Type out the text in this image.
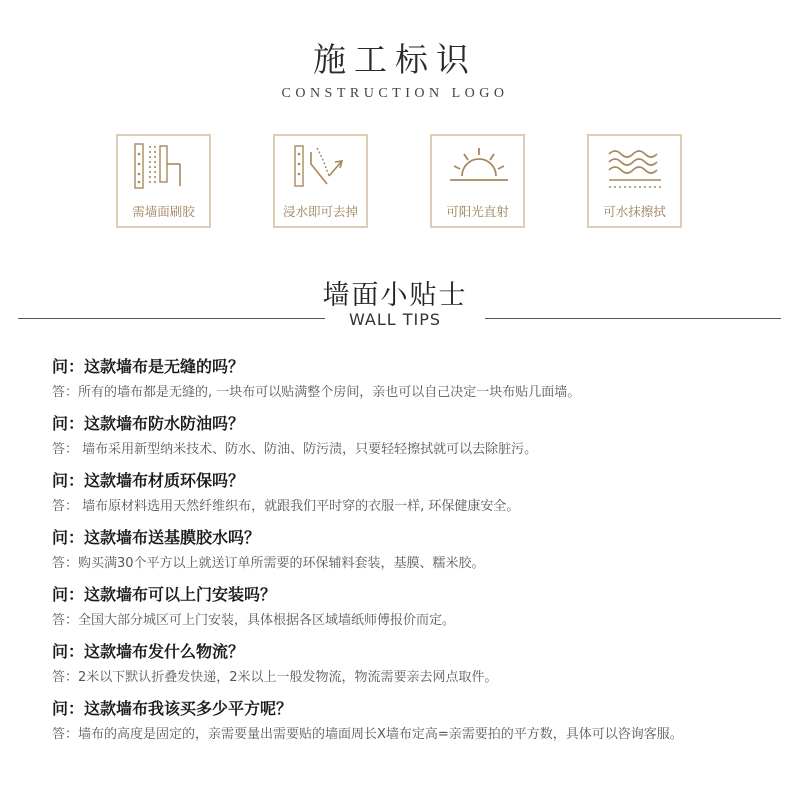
施工标识
CONSTRUCTION LOGO
需墙面刷胶	浸水即可去掉	可阳光直射	可水抹擦拭
墙面小贴士
WALL TIPS
问：这款墙布是无缝的吗？
答：所有的墙布都是无缝的, 一块布可以贴满整个房间，亲也可以自己决定一块布贴几面墙。
问：这款墙布防水防油吗？
答： 墙布采用新型纳米技术、防水、防油、防污渍，只要轻轻擦拭就可以去除脏污。
问：这款墙布材质环保吗？
答： 墙布原材料选用天然纤维织布，就跟我们平时穿的衣服一样, 环保健康安全。
问：这款墙布送基膜胶水吗？
答：购买满30个平方以上就送订单所需要的环保辅料套装，基膜、糯米胶。
问：这款墙布可以上门安装吗？
答：全国大部分城区可上门安装，具体根据各区域墙纸师傅报价而定。
问：这款墙布发什么物流？
答：2米以下默认折叠发快递，2米以上一般发物流，物流需要亲去网点取件。
问：这款墙布我该买多少平方呢？
答：墙布的高度是固定的，亲需要量出需要贴的墙面周长X墙布定高=亲需要拍的平方数，具体可以咨询客服。
